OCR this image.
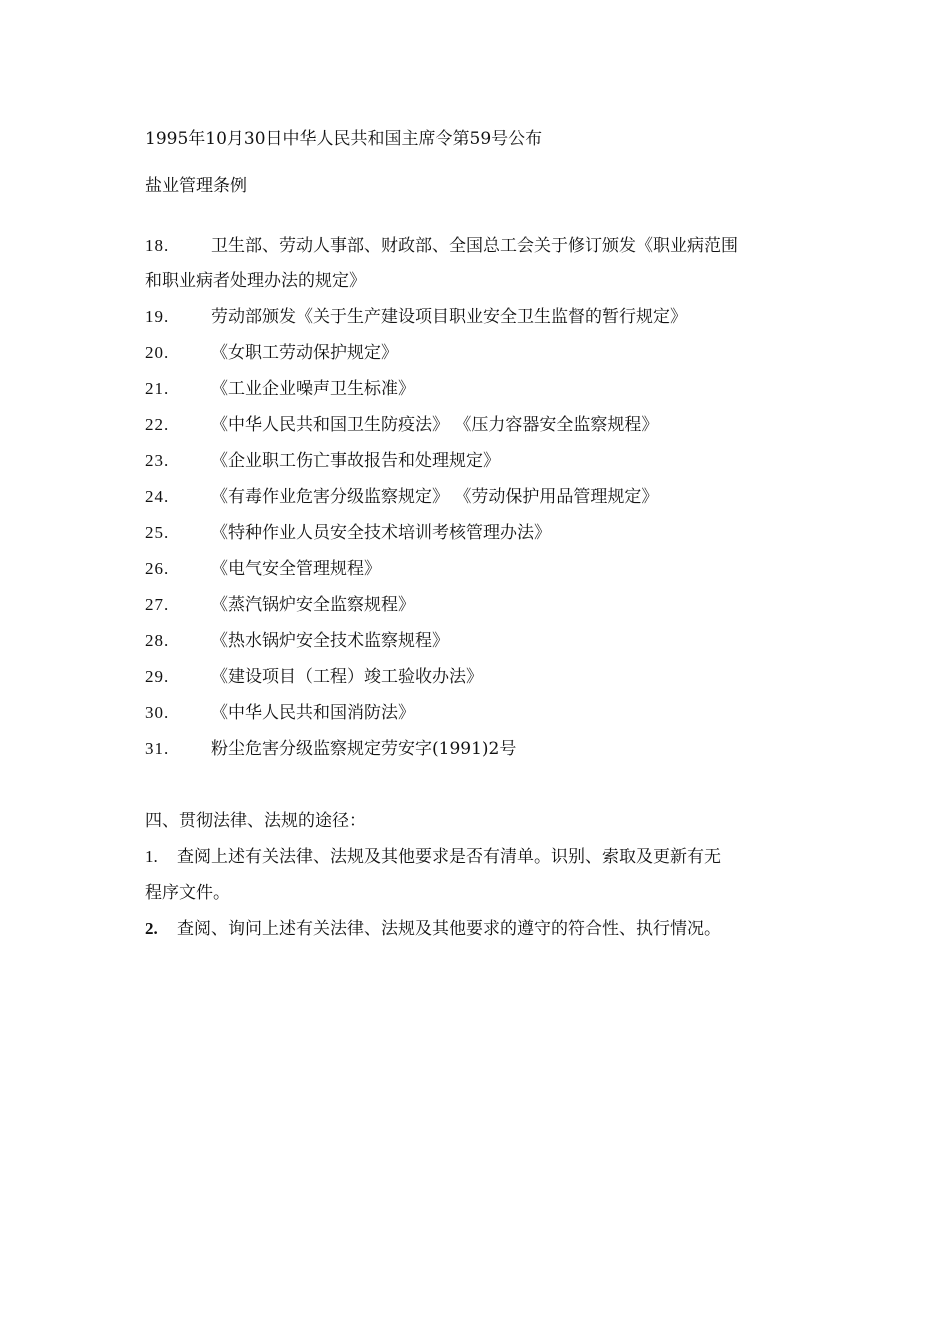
1995年10月30日中华人民共和国主席令第59号公布
盐业管理条例
18. 卫生部、劳动人事部、财政部、全国总工会关于修订颁发《职业病范围
和职业病者处理办法的规定》
19. 劳动部颁发《关于生产建设项目职业安全卫生监督的暂行规定》
20. 《女职工劳动保护规定》
21. 《工业企业噪声卫生标准》
22. 《中华人民共和国卫生防疫法》 《压力容器安全监察规程》
23. 《企业职工伤亡事故报告和处理规定》
24. 《有毒作业危害分级监察规定》 《劳动保护用品管理规定》
25. 《特种作业人员安全技术培训考核管理办法》
26. 《电气安全管理规程》
27. 《蒸汽锅炉安全监察规程》
28. 《热水锅炉安全技术监察规程》
29. 《建设项目（工程）竣工验收办法》
30. 《中华人民共和国消防法》
31. 粉尘危害分级监察规定劳安字(1991)2号
四、贯彻法律、法规的途径：
1. 查阅上述有关法律、法规及其他要求是否有清单。识别、索取及更新有无
程序文件。
2. 查阅、询问上述有关法律、法规及其他要求的遵守的符合性、执行情况。
